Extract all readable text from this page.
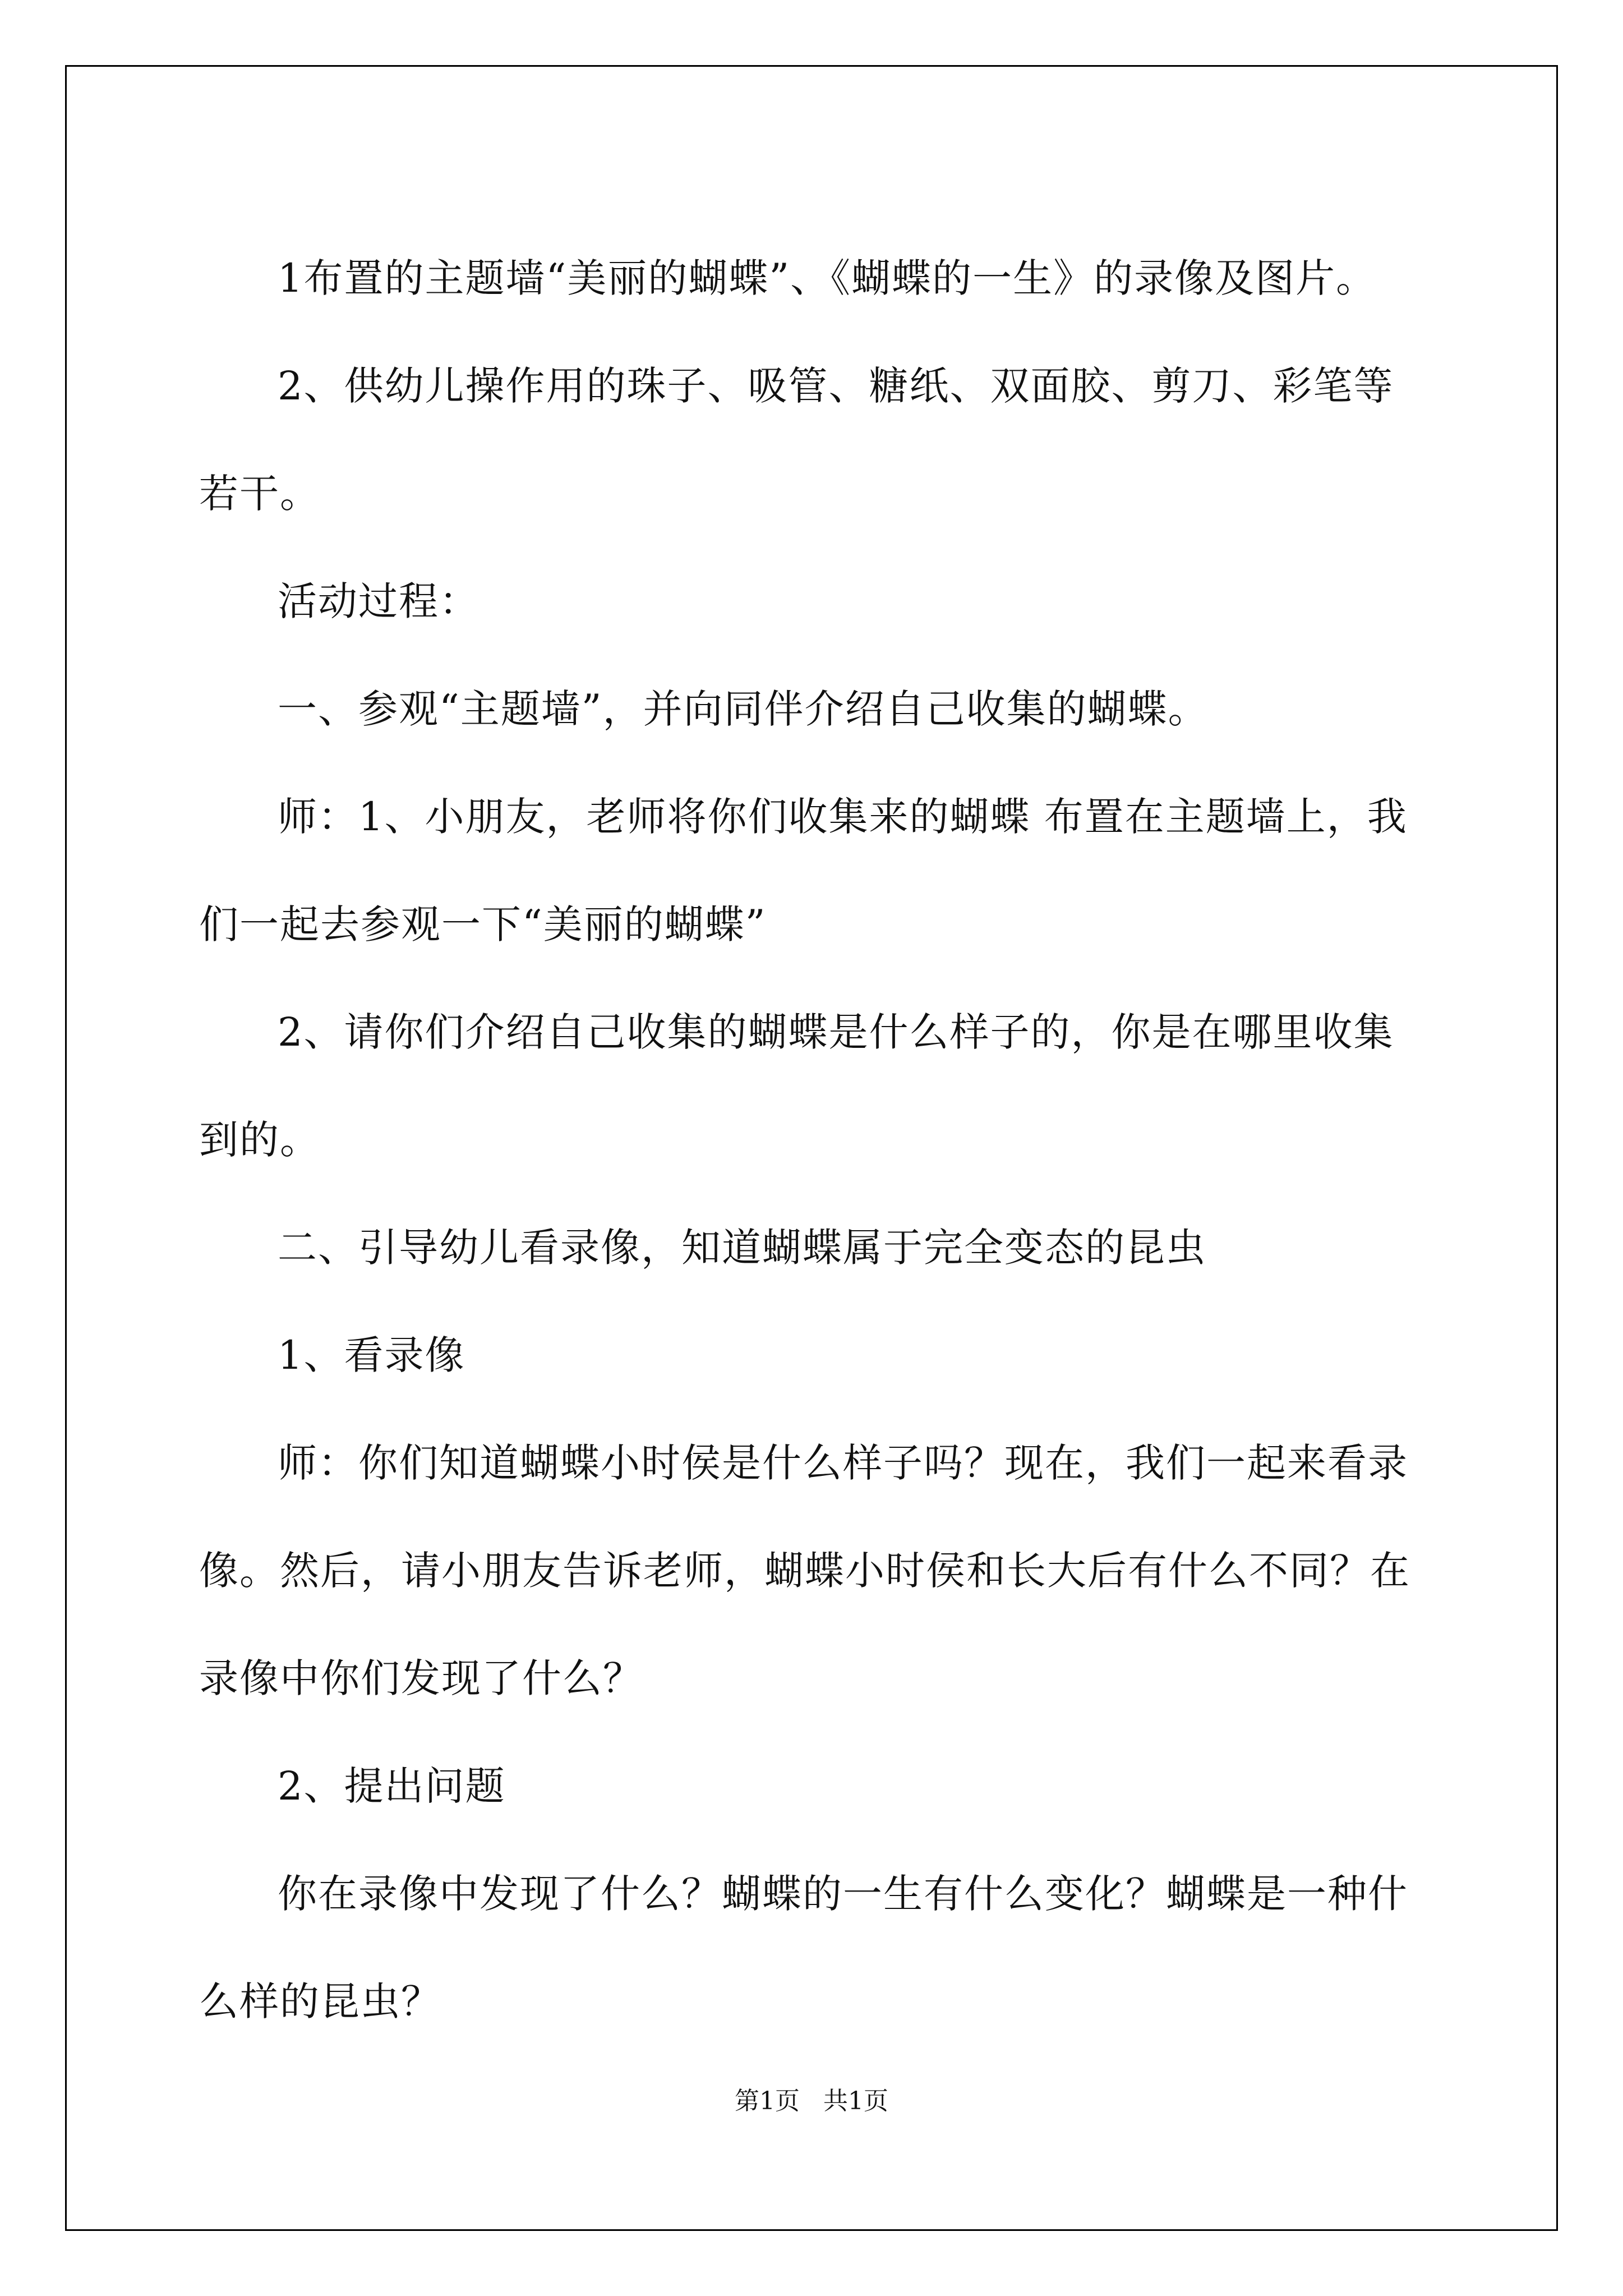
1布置的主题墙“美丽的蝴蝶”、《蝴蝶的一生》的录像及图片。

2、供幼儿操作用的珠子、吸管、糖纸、双面胶、剪刀、彩笔等若干。

活动过程：

一、参观“主题墙”，并向同伴介绍自己收集的蝴蝶。

师：1、小朋友，老师将你们收集来的蝴蝶 布置在主题墙上，我们一起去参观一下“美丽的蝴蝶”

2、请你们介绍自己收集的蝴蝶是什么样子的，你是在哪里收集到的。

二、引导幼儿看录像，知道蝴蝶属于完全变态的昆虫

1、看录像

师：你们知道蝴蝶小时侯是什么样子吗？现在，我们一起来看录像。然后，请小朋友告诉老师，蝴蝶小时侯和长大后有什么不同？在录像中你们发现了什么？

2、提出问题

你在录像中发现了什么？蝴蝶的一生有什么变化？蝴蝶是一种什么样的昆虫？

第1页   共1页
